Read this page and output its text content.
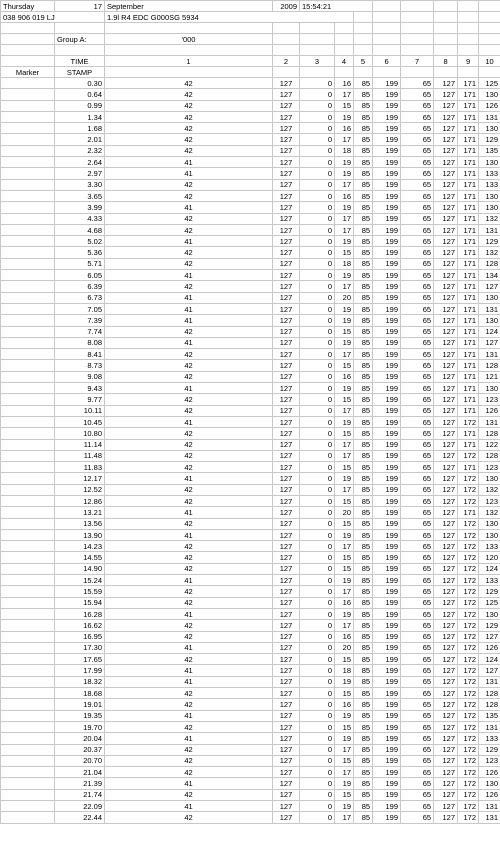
Thursday	17	September	2009	15:54:21							
038 906 019 LJ		1.9l R4 EDC G000SG 5934									

	Group A:	'000									

	TIME	1	2	3	4	5	6	7	8	9	10
Marker	STAMP										
	0.30	42	127	0	16	85	199	65	127	171	125
	0.64	42	127	0	17	85	199	65	127	171	130
	0.99	42	127	0	15	85	199	65	127	171	126
	1.34	42	127	0	19	85	199	65	127	171	131
	1.68	42	127	0	16	85	199	65	127	171	130
	2.01	42	127	0	17	85	199	65	127	171	129
	2.32	42	127	0	18	85	199	65	127	171	135
	2.64	41	127	0	19	85	199	65	127	171	130
	2.97	41	127	0	19	85	199	65	127	171	133
	3.30	42	127	0	17	85	199	65	127	171	133
	3.65	42	127	0	16	85	199	65	127	171	130
	3.99	41	127	0	19	85	199	65	127	171	130
	4.33	42	127	0	17	85	199	65	127	171	132
	4.68	42	127	0	17	85	199	65	127	171	131
	5.02	41	127	0	19	85	199	65	127	171	129
	5.36	42	127	0	15	85	199	65	127	171	132
	5.71	42	127	0	18	85	199	65	127	171	128
	6.05	41	127	0	19	85	199	65	127	171	134
	6.39	42	127	0	17	85	199	65	127	171	127
	6.73	41	127	0	20	85	199	65	127	171	130
	7.05	41	127	0	19	85	199	65	127	171	131
	7.39	41	127	0	19	85	199	65	127	171	130
	7.74	42	127	0	15	85	199	65	127	171	124
	8.08	41	127	0	19	85	199	65	127	171	127
	8.41	42	127	0	17	85	199	65	127	171	131
	8.73	42	127	0	15	85	199	65	127	171	128
	9.08	42	127	0	16	85	199	65	127	171	121
	9.43	41	127	0	19	85	199	65	127	171	130
	9.77	42	127	0	15	85	199	65	127	171	123
	10.11	42	127	0	17	85	199	65	127	171	126
	10.45	41	127	0	19	85	199	65	127	172	131
	10.80	42	127	0	15	85	199	65	127	171	128
	11.14	42	127	0	17	85	199	65	127	171	122
	11.48	42	127	0	17	85	199	65	127	172	128
	11.83	42	127	0	15	85	199	65	127	171	123
	12.17	41	127	0	19	85	199	65	127	172	130
	12.52	42	127	0	17	85	199	65	127	172	132
	12.86	42	127	0	15	85	199	65	127	172	123
	13.21	41	127	0	20	85	199	65	127	171	132
	13.56	42	127	0	15	85	199	65	127	172	130
	13.90	41	127	0	19	85	199	65	127	172	130
	14.23	42	127	0	17	85	199	65	127	172	133
	14.55	42	127	0	15	85	199	65	127	172	120
	14.90	42	127	0	15	85	199	65	127	172	124
	15.24	41	127	0	19	85	199	65	127	172	133
	15.59	42	127	0	17	85	199	65	127	172	129
	15.94	42	127	0	16	85	199	65	127	172	125
	16.28	41	127	0	19	85	199	65	127	172	130
	16.62	42	127	0	17	85	199	65	127	172	129
	16.95	42	127	0	16	85	199	65	127	172	127
	17.30	41	127	0	20	85	199	65	127	172	126
	17.65	42	127	0	15	85	199	65	127	172	124
	17.99	41	127	0	18	85	199	65	127	172	127
	18.32	41	127	0	19	85	199	65	127	172	131
	18.68	42	127	0	15	85	199	65	127	172	128
	19.01	42	127	0	16	85	199	65	127	172	128
	19.35	41	127	0	19	85	199	65	127	172	135
	19.70	42	127	0	15	85	199	65	127	172	131
	20.04	41	127	0	19	85	199	65	127	172	133
	20.37	42	127	0	17	85	199	65	127	172	129
	20.70	42	127	0	15	85	199	65	127	172	123
	21.04	42	127	0	17	85	199	65	127	172	126
	21.39	41	127	0	19	85	199	65	127	172	130
	21.74	42	127	0	15	85	199	65	127	172	126
	22.09	41	127	0	19	85	199	65	127	172	131
	22.44	42	127	0	17	85	199	65	127	172	131
